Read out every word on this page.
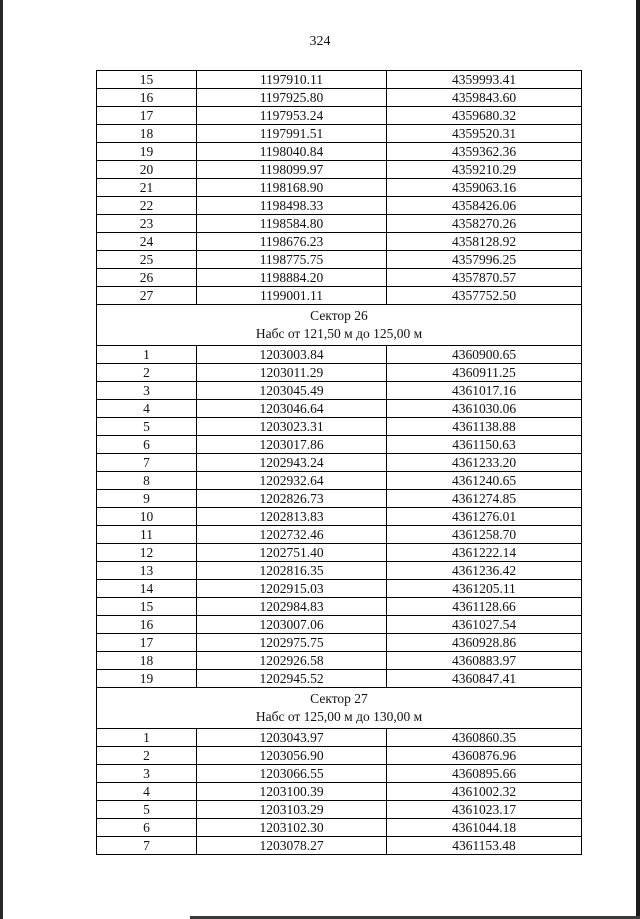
324
15	1197910.11	4359993.41
16	1197925.80	4359843.60
17	1197953.24	4359680.32
18	1197991.51	4359520.31
19	1198040.84	4359362.36
20	1198099.97	4359210.29
21	1198168.90	4359063.16
22	1198498.33	4358426.06
23	1198584.80	4358270.26
24	1198676.23	4358128.92
25	1198775.75	4357996.25
26	1198884.20	4357870.57
27	1199001.11	4357752.50

Сектор 26
Набс от 121,50 м до 125,00 м		

1	1203003.84	4360900.65
2	1203011.29	4360911.25
3	1203045.49	4361017.16
4	1203046.64	4361030.06
5	1203023.31	4361138.88
6	1203017.86	4361150.63
7	1202943.24	4361233.20
8	1202932.64	4361240.65
9	1202826.73	4361274.85
10	1202813.83	4361276.01
11	1202732.46	4361258.70
12	1202751.40	4361222.14
13	1202816.35	4361236.42
14	1202915.03	4361205.11
15	1202984.83	4361128.66
16	1203007.06	4361027.54
17	1202975.75	4360928.86
18	1202926.58	4360883.97
19	1202945.52	4360847.41

Сектор 27
Набс от 125,00 м до 130,00 м		

1	1203043.97	4360860.35
2	1203056.90	4360876.96
3	1203066.55	4360895.66
4	1203100.39	4361002.32
5	1203103.29	4361023.17
6	1203102.30	4361044.18
7	1203078.27	4361153.48
